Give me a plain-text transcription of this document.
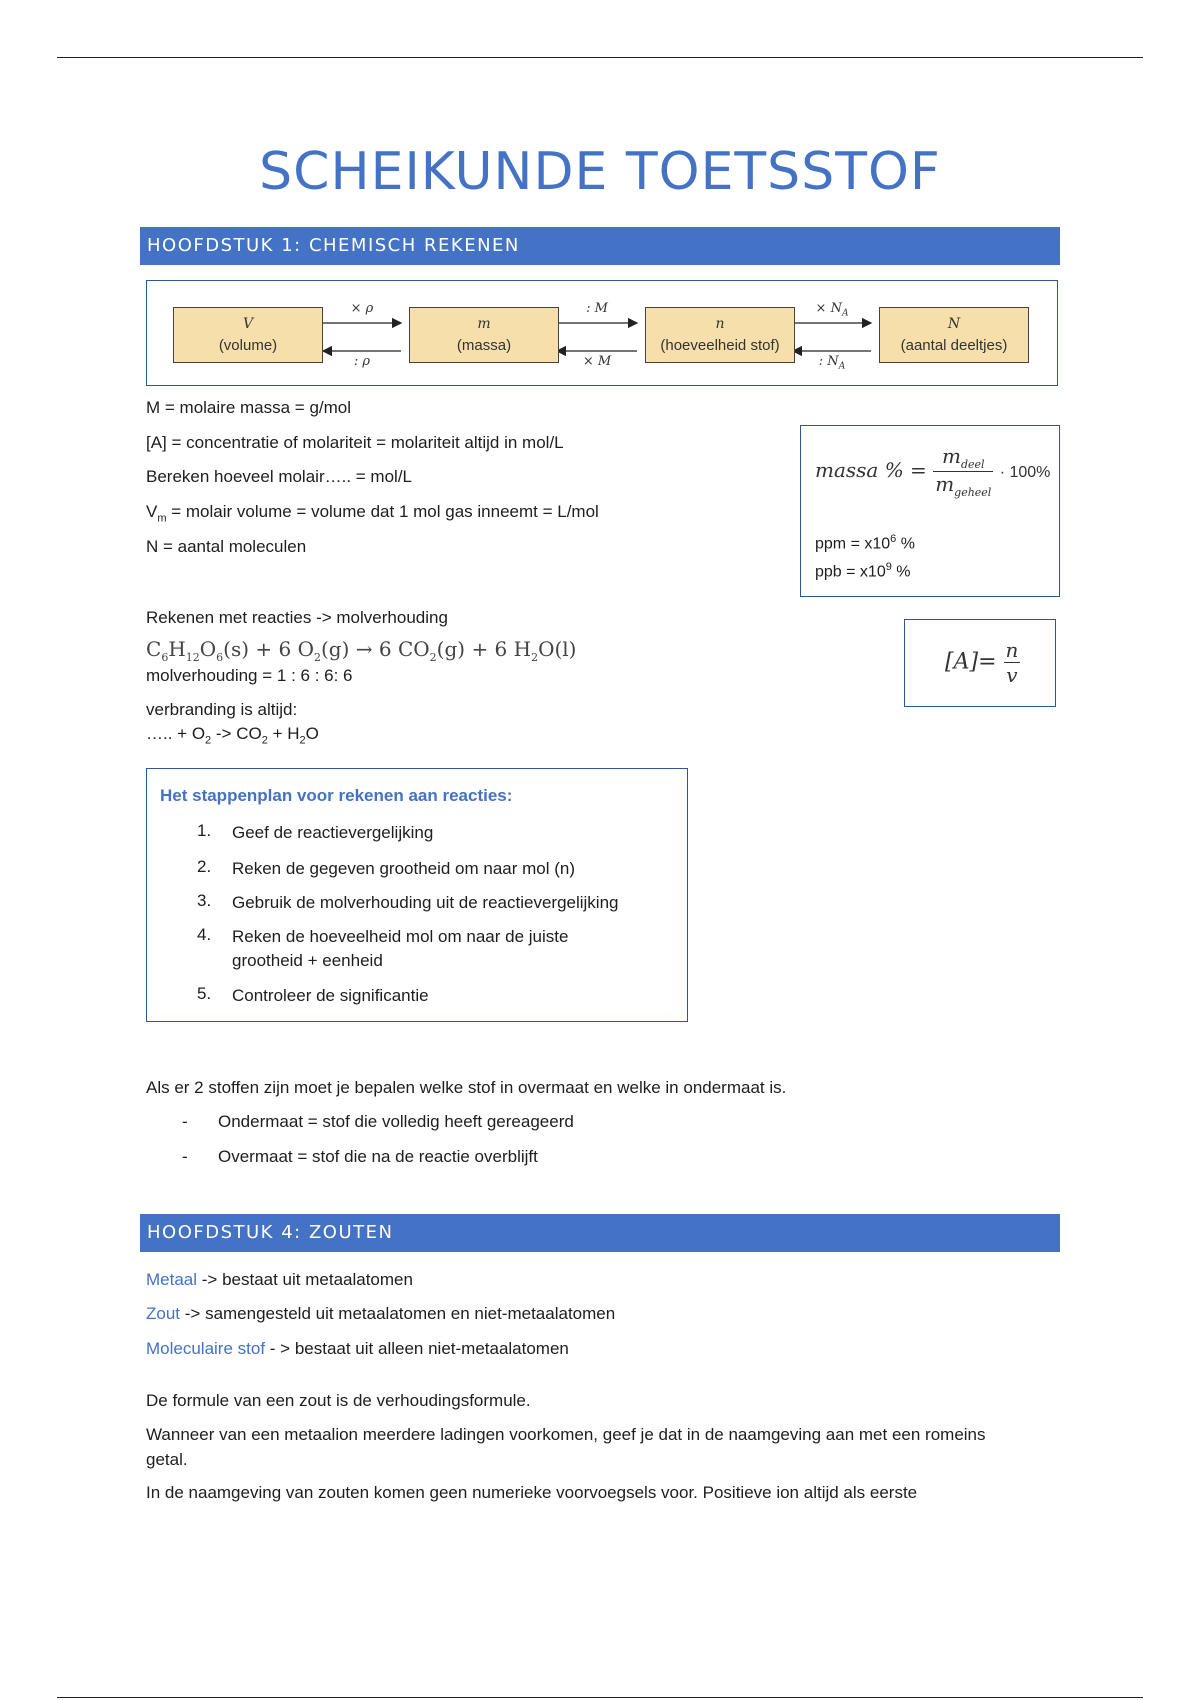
SCHEIKUNDE TOETSSTOF
HOOFDSTUK 1: CHEMISCH REKENEN
V
(volume)
m
(massa)
n
(hoeveelheid stof)
N
(aantal deeltjes)
× ρ
: ρ
: M
× M
× $N_A$
: $N_A$
M = molaire massa = g/mol
[A] = concentratie of molariteit = molariteit altijd in mol/L
Bereken hoeveel molair….. = mol/L
$V_m$ = molair volume = volume dat 1 mol gas inneemt = L/mol
N = aantal moleculen
massa % = $\frac{m_{deel}}{m_{geheel}} \cdot 100\%$
ppm = $x10^6$ %
ppb = $x10^9$ %
$[A]= \frac{n}{v}$
Rekenen met reacties -> molverhouding
$C_6H_{12}O_6(s) + 6$ $O_2(g) \to 6$ $CO_2(g) + 6$ $H_2O(l)$
molverhouding = 1 : 6 : 6: 6
verbranding is altijd:
….. + $O_2 -> CO_2 + H_2O$
Het stappenplan voor rekenen aan reacties:
1. Geef de reactievergelijking
2. Reken de gegeven grootheid om naar mol (n)
3. Gebruik de molverhouding uit de reactievergelijking
4. Reken de hoeveelheid mol om naar de juiste grootheid + eenheid
5. Controleer de significantie
Als er 2 stoffen zijn moet je bepalen welke stof in overmaat en welke in ondermaat is.
- Ondermaat = stof die volledig heeft gereageerd
- Overmaat = stof die na de reactie overblijft
HOOFDSTUK 4: ZOUTEN
Metaal -> bestaat uit metaalatomen
Zout -> samengesteld uit metaalatomen en niet-metaalatomen
Moleculaire stof - > bestaat uit alleen niet-metaalatomen
De formule van een zout is de verhoudingsformule.
Wanneer van een metaalion meerdere ladingen voorkomen, geef je dat in de naamgeving aan met een romeins getal.
In de naamgeving van zouten komen geen numerieke voorvoegsels voor. Positieve ion altijd als eerste
